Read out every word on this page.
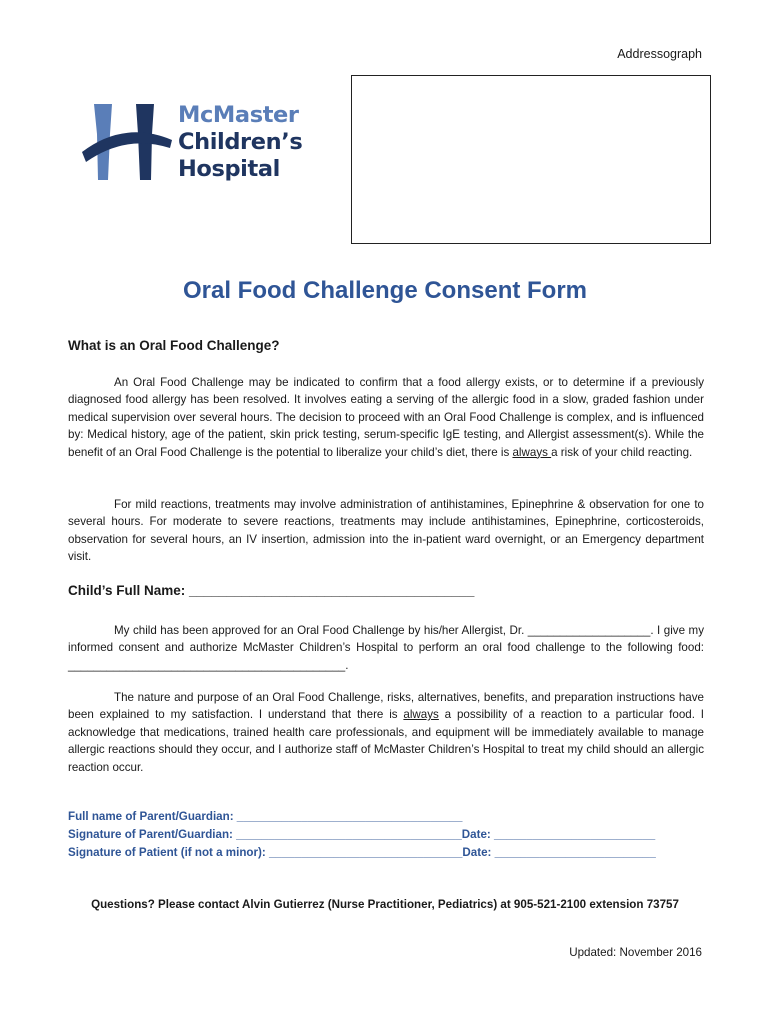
Addressograph
McMaster
Children’s
Hospital
Oral Food Challenge Consent Form
What is an Oral Food Challenge?
An Oral Food Challenge may be indicated to confirm that a food allergy exists, or to determine if a previously diagnosed food allergy has been resolved. It involves eating a serving of the allergic food in a slow, graded fashion under medical supervision over several hours. The decision to proceed with an Oral Food Challenge is complex, and is influenced by: Medical history, age of the patient, skin prick testing, serum-specific IgE testing, and Allergist assessment(s). While the benefit of an Oral Food Challenge is the potential to liberalize your child’s diet, there is always a risk of your child reacting.
For mild reactions, treatments may involve administration of antihistamines, Epinephrine & observation for one to several hours. For moderate to severe reactions, treatments may include antihistamines, Epinephrine, corticosteroids, observation for several hours, an IV insertion, admission into the in-patient ward overnight, or an Emergency department visit.
Child’s Full Name: ______________________________________
My child has been approved for an Oral Food Challenge by his/her Allergist, Dr. ___________________. I give my informed consent and authorize McMaster Children’s Hospital to perform an oral food challenge to the following food: ___________________________________________.
The nature and purpose of an Oral Food Challenge, risks, alternatives, benefits, and preparation instructions have been explained to my satisfaction. I understand that there is always a possibility of a reaction to a particular food. I acknowledge that medications, trained health care professionals, and equipment will be immediately available to manage allergic reactions should they occur, and I authorize staff of McMaster Children’s Hospital to treat my child should an allergic reaction occur.
Full name of Parent/Guardian: ___________________________________
Signature of Parent/Guardian: ___________________________________Date: _________________________
Signature of Patient (if not a minor): ______________________________Date: _________________________
Questions? Please contact Alvin Gutierrez (Nurse Practitioner, Pediatrics) at 905-521-2100 extension 73757
Updated: November 2016
